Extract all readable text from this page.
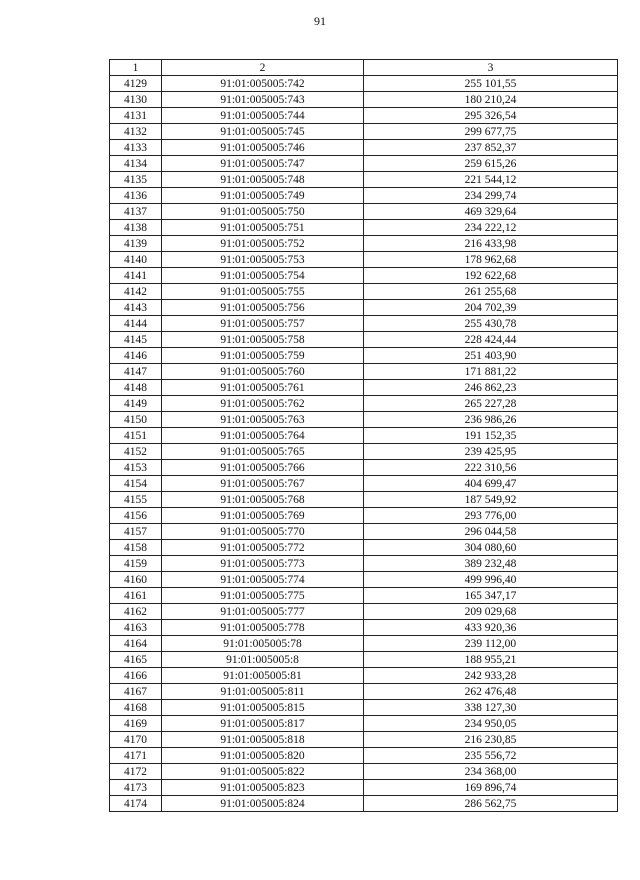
91
1	2	3
4129	91:01:005005:742	255 101,55
4130	91:01:005005:743	180 210,24
4131	91:01:005005:744	295 326,54
4132	91:01:005005:745	299 677,75
4133	91:01:005005:746	237 852,37
4134	91:01:005005:747	259 615,26
4135	91:01:005005:748	221 544,12
4136	91:01:005005:749	234 299,74
4137	91:01:005005:750	469 329,64
4138	91:01:005005:751	234 222,12
4139	91:01:005005:752	216 433,98
4140	91:01:005005:753	178 962,68
4141	91:01:005005:754	192 622,68
4142	91:01:005005:755	261 255,68
4143	91:01:005005:756	204 702,39
4144	91:01:005005:757	255 430,78
4145	91:01:005005:758	228 424,44
4146	91:01:005005:759	251 403,90
4147	91:01:005005:760	171 881,22
4148	91:01:005005:761	246 862,23
4149	91:01:005005:762	265 227,28
4150	91:01:005005:763	236 986,26
4151	91:01:005005:764	191 152,35
4152	91:01:005005:765	239 425,95
4153	91:01:005005:766	222 310,56
4154	91:01:005005:767	404 699,47
4155	91:01:005005:768	187 549,92
4156	91:01:005005:769	293 776,00
4157	91:01:005005:770	296 044,58
4158	91:01:005005:772	304 080,60
4159	91:01:005005:773	389 232,48
4160	91:01:005005:774	499 996,40
4161	91:01:005005:775	165 347,17
4162	91:01:005005:777	209 029,68
4163	91:01:005005:778	433 920,36
4164	91:01:005005:78	239 112,00
4165	91:01:005005:8	188 955,21
4166	91:01:005005:81	242 933,28
4167	91:01:005005:811	262 476,48
4168	91:01:005005:815	338 127,30
4169	91:01:005005:817	234 950,05
4170	91:01:005005:818	216 230,85
4171	91:01:005005:820	235 556,72
4172	91:01:005005:822	234 368,00
4173	91:01:005005:823	169 896,74
4174	91:01:005005:824	286 562,75
